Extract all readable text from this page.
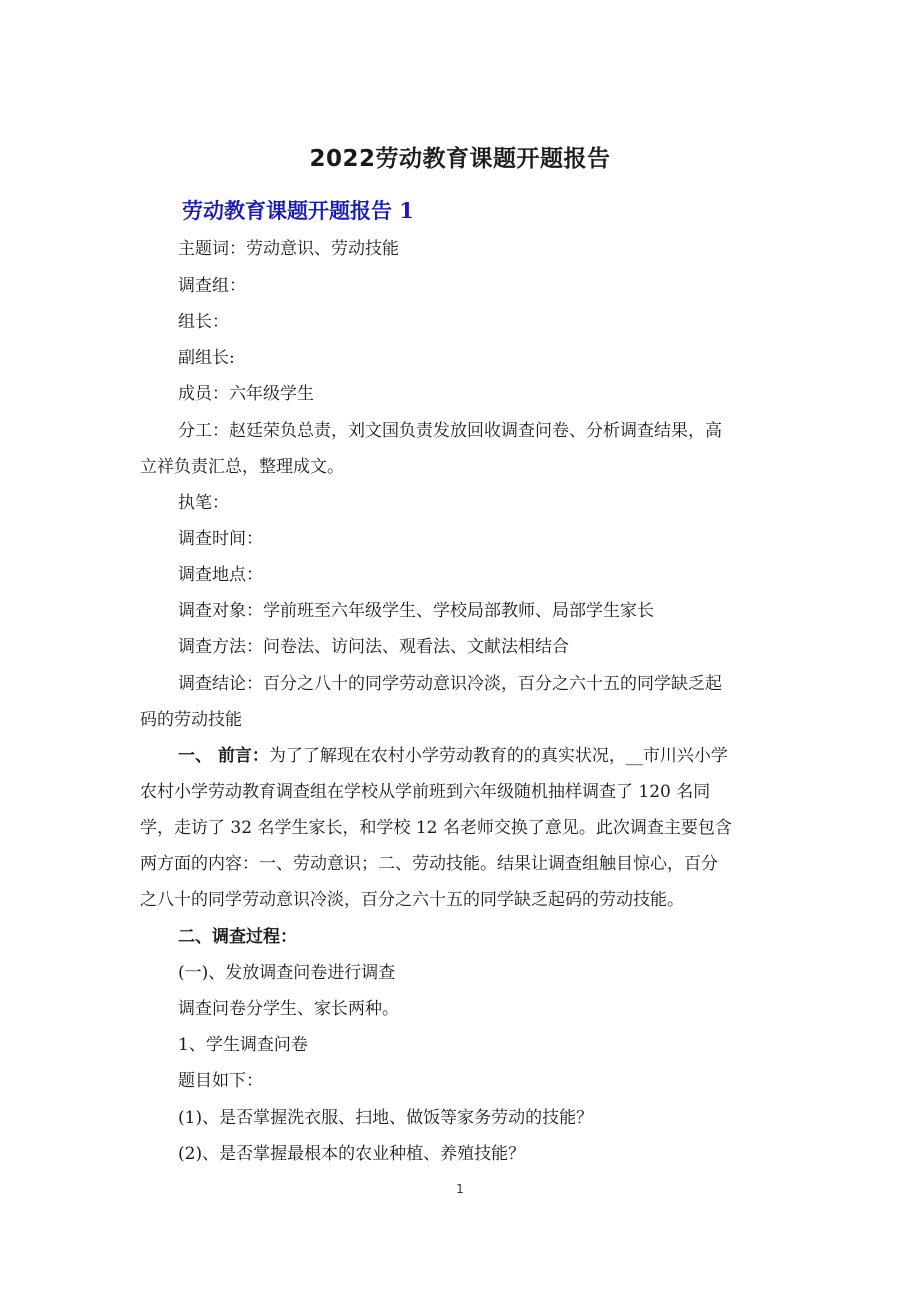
2022劳动教育课题开题报告
劳动教育课题开题报告 1
主题词：劳动意识、劳动技能
调查组：
组长：
副组长:
成员：六年级学生
分工：赵廷荣负总责，刘文国负责发放回收调查问卷、分析调查结果，高
立祥负责汇总，整理成文。
执笔：
调查时间：
调查地点：
调查对象：学前班至六年级学生、学校局部教师、局部学生家长
调查方法：问卷法、访问法、观看法、文献法相结合
调查结论：百分之八十的同学劳动意识冷淡，百分之六十五的同学缺乏起
码的劳动技能
一、 前言：为了了解现在农村小学劳动教育的的真实状况，__市川兴小学
农村小学劳动教育调查组在学校从学前班到六年级随机抽样调查了 120 名同
学，走访了 32 名学生家长，和学校 12 名老师交换了意见。此次调查主要包含
两方面的内容：一、劳动意识；二、劳动技能。结果让调查组触目惊心，百分
之八十的同学劳动意识冷淡，百分之六十五的同学缺乏起码的劳动技能。
二、调查过程：
(一)、发放调查问卷进行调查
调查问卷分学生、家长两种。
1、学生调查问卷
题目如下：
(1)、是否掌握洗衣服、扫地、做饭等家务劳动的技能？
(2)、是否掌握最根本的农业种植、养殖技能？
1
